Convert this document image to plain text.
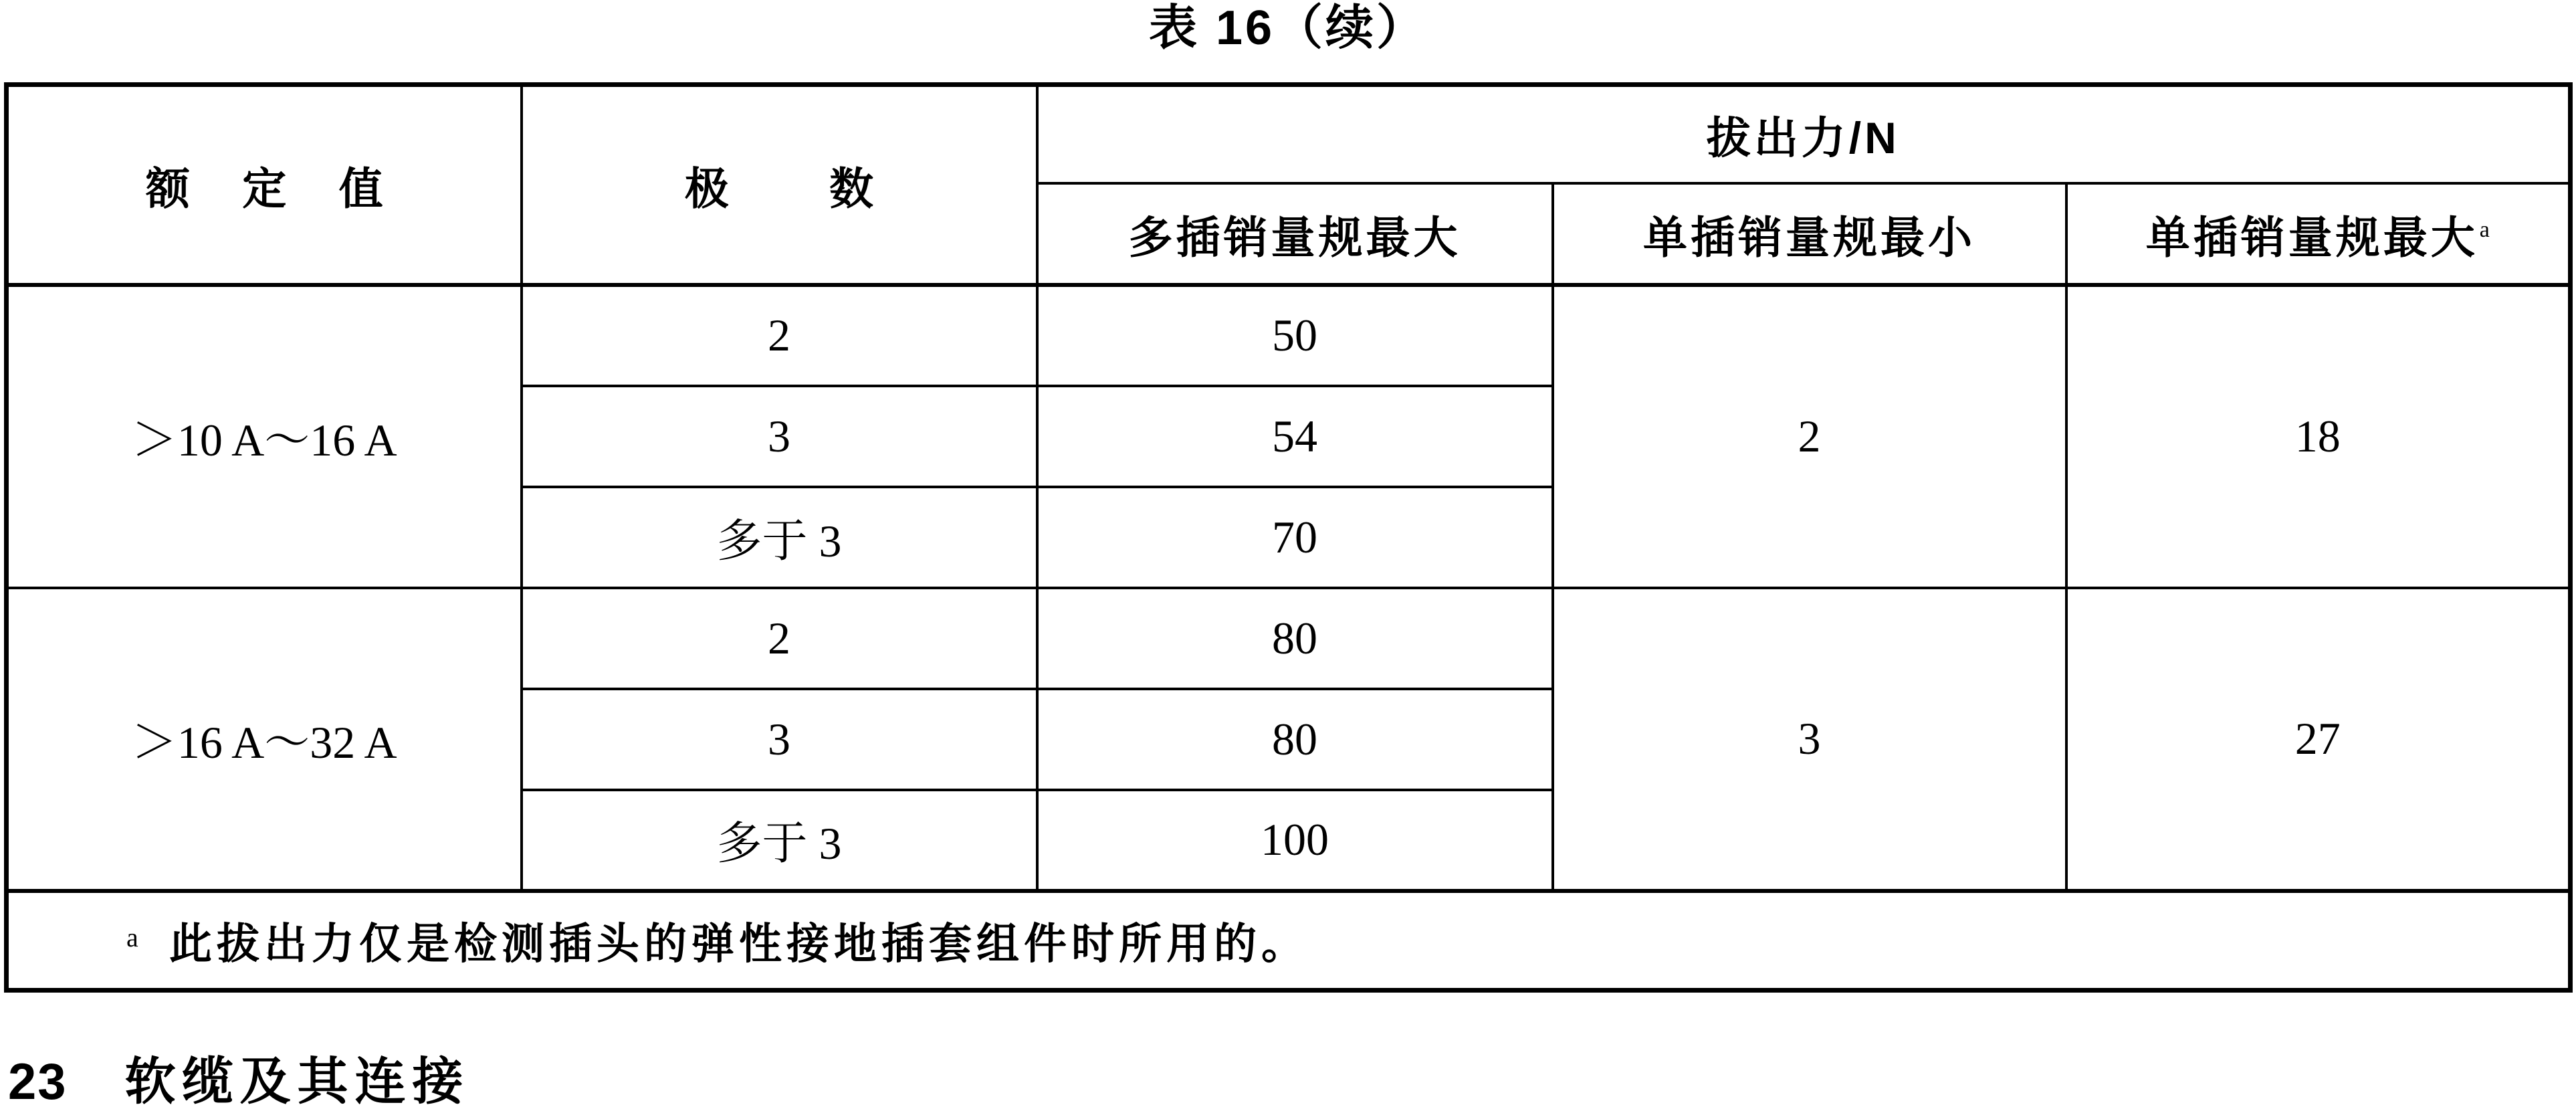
表 16（续）
额 定 值	极 数	拔出力/N		
		多插销量规最大	单插销量规最小	单插销量规最大$^a$
＞10 A～16 A	2	50	2	18
	3	54		
	多于 3	70		
＞16 A～32 A	2	80	3	27
	3	80		
	多于 3	100		
a 此拔出力仅是检测插头的弹性接地插套组件时所用的。				
23 软缆及其连接
